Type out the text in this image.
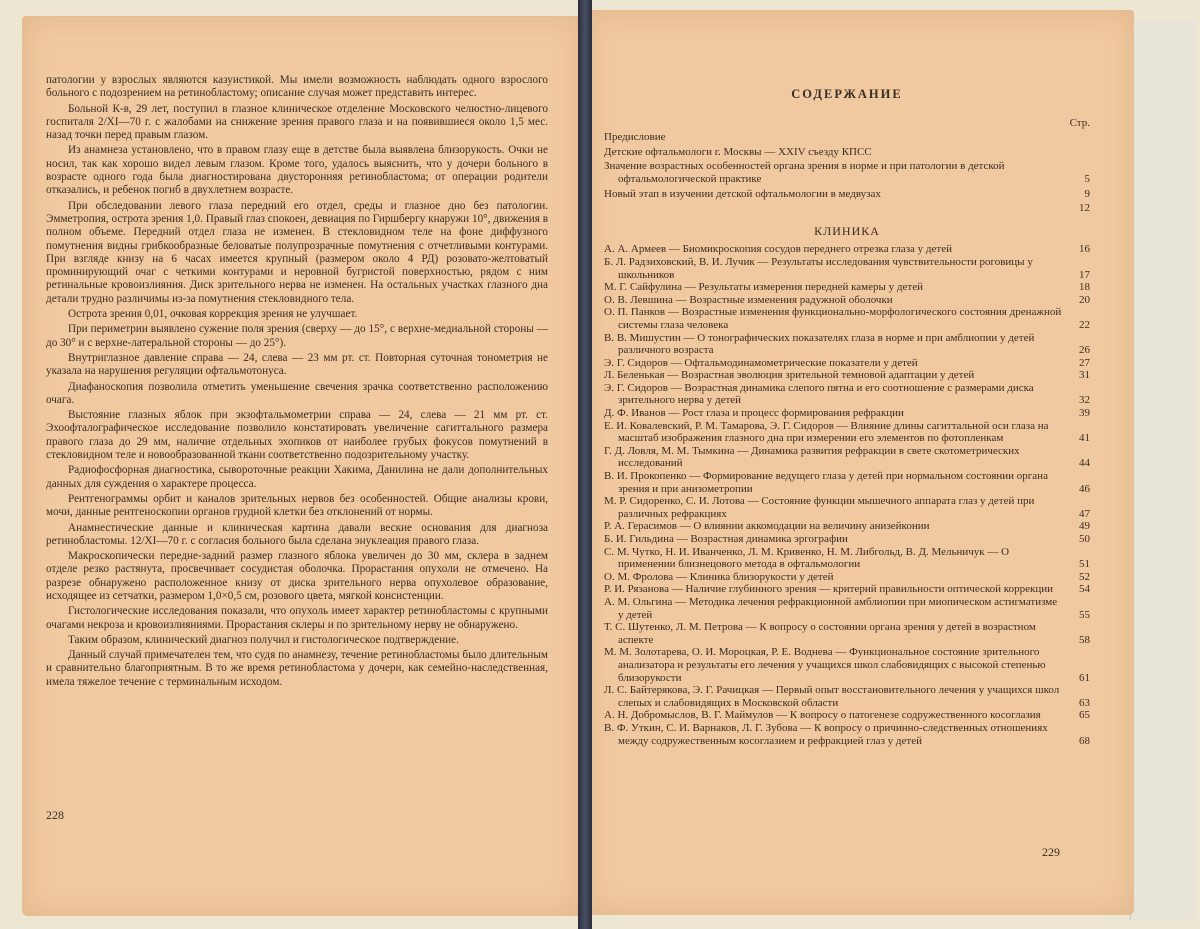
патологии у взрослых являются казуистикой. Мы имели возможность наблюдать одного взрослого больного с подозрением на ретинобластому; описание случая может представить интерес.

Больной К-в, 29 лет, поступил в глазное клиническое отделение Московского челюстно-лицевого госпиталя 2/XI—70 г. с жалобами на снижение зрения правого глаза и на появившиеся около 1,5 мес. назад точки перед правым глазом.

Из анамнеза установлено, что в правом глазу еще в детстве была выявлена близорукость. Очки не носил, так как хорошо видел левым глазом. Кроме того, удалось выяснить, что у дочери больного в возрасте одного года была диагностирована двусторонняя ретинобластома; от операции родители отказались, и ребенок погиб в двухлетнем возрасте.

При обследовании левого глаза передний его отдел, среды и глазное дно без патологии. Эмметропия, острота зрения 1,0. Правый глаз спокоен, девиация по Гиршбергу кнаружи 10°, движения в полном объеме. Передний отдел глаза не изменен. В стекловидном теле на фоне диффузного помутнения видны грибкообразные беловатые полупрозрачные помутнения с отчетливыми контурами. При взгляде книзу на 6 часах имеется крупный (размером около 4 РД) розовато-желтоватый проминирующий очаг с четкими контурами и неровной бугристой поверхностью, рядом с ним ретинальные кровоизлияния. Диск зрительного нерва не изменен. На остальных участках глазного дна детали трудно различимы из-за помутнения стекловидного тела.

Острота зрения 0,01, очковая коррекция зрения не улучшает.

При периметрии выявлено сужение поля зрения (сверху — до 15°, с верхне-медиальной стороны — до 30° и с верхне-латеральной стороны — до 25°).

Внутриглазное давление справа — 24, слева — 23 мм рт. ст. Повторная суточная тонометрия не указала на нарушения регуляции офтальмотонуса.

Диафаноскопия позволила отметить уменьшение свечения зрачка соответственно расположению очага.

Выстояние глазных яблок при экзофтальмометрии справа — 24, слева — 21 мм рт. ст. Эхоофталографическое исследование позволило констатировать увеличение сагиттального размера правого глаза до 29 мм, наличие отдельных эхопиков от наиболее грубых фокусов помутнений в стекловидном теле и новообразованной ткани соответственно подозрительному участку.

Радиофосфорная диагностика, сывороточные реакции Хакима, Данилина не дали дополнительных данных для суждения о характере процесса.

Рентгенограммы орбит и каналов зрительных нервов без особенностей. Общие анализы крови, мочи, данные рентгеноскопии органов грудной клетки без отклонений от нормы.

Анамнестические данные и клиническая картина давали веские основания для диагноза ретинобластомы. 12/XI—70 г. с согласия больного была сделана энуклеация правого глаза.

Макроскопически передне-задний размер глазного яблока увеличен до 30 мм, склера в заднем отделе резко растянута, просвечивает сосудистая оболочка. Прорастания опухоли не отмечено. На разрезе обнаружено расположенное книзу от диска зрительного нерва опухолевое образование, исходящее из сетчатки, размером 1,0×0,5 см, розового цвета, мягкой консистенции.

Гистологические исследования показали, что опухоль имеет характер ретинобластомы с крупными очагами некроза и кровоизлияниями. Прорастания склеры и по зрительному нерву не обнаружено.

Таким образом, клинический диагноз получил и гистологическое подтверждение.

Данный случай примечателен тем, что судя по анамнезу, течение ретинобластомы было длительным и сравнительно благоприятным. В то же время ретинобластома у дочери, как семейно-наследственная, имела тяжелое течение с терминальным исходом.

228
СОДЕРЖАНИЕ
Стр.
Предисловие
Детские офтальмологи г. Москвы — XXIV съезду КПСС
Значение возрастных особенностей органа зрения в норме и при патологии в детской офтальмологической практике	5
Новый этап в изучении детской офтальмологии в медвузах	9
12
КЛИНИКА
А. А. Армеев — Биомикроскопия сосудов переднего отрезка глаза у детей	16
Б. Л. Радзиховский, В. И. Лучик — Результаты исследования чувствительности роговицы у школьников	17
М. Г. Сайфулина — Результаты измерения передней камеры у детей	18
О. В. Левшина — Возрастные изменения радужной оболочки	20
О. П. Панков — Возрастные изменения функционально-морфологического состояния дренажной системы глаза человека	22
В. В. Мишустин — О тонографических показателях глаза в норме и при амблиопии у детей различного возраста	26
Э. Г. Сидоров — Офтальмодинамометрические показатели у детей	27
Л. Беленькая — Возрастная эволюция зрительной темновой адаптации у детей	31
Э. Г. Сидоров — Возрастная динамика слепого пятна и его соотношение с размерами диска зрительного нерва у детей	32
Д. Ф. Иванов — Рост глаза и процесс формирования рефракции	39
Е. И. Ковалевский, Р. М. Тамарова, Э. Г. Сидоров — Влияние длины сагиттальной оси глаза на масштаб изображения глазного дна при измерении его элементов по фотопленкам	41
Г. Д. Ловля, М. М. Тымкина — Динамика развития рефракции в свете скотометрических исследований	44
В. И. Прокопенко — Формирование ведущего глаза у детей при нормальном состоянии органа зрения и при анизометропии	46
М. Р. Сидоренко, С. И. Лотова — Состояние функции мышечного аппарата глаз у детей при различных рефракциях	47
Р. А. Герасимов — О влиянии аккомодации на величину анизейконии	49
Б. И. Гильдина — Возрастная динамика эргографии	50
С. М. Чутко, Н. И. Иванченко, Л. М. Кривенко, Н. М. Либгольд, В. Д. Мельничук — О применении близнецового метода в офтальмологии	51
О. М. Фролова — Клиника близорукости у детей	52
Р. И. Рязанова — Наличие глубинного зрения — критерий правильности оптической коррекции	54
А. М. Ольгина — Методика лечения рефракционной амблиопии при миопическом астигматизме у детей	55
Т. С. Шутенко, Л. М. Петрова — К вопросу о состоянии органа зрения у детей в возрастном аспекте	58
М. М. Золотарева, О. И. Мороцкая, Р. Е. Воднева — Функциональное состояние зрительного анализатора и результаты его лечения у учащихся школ слабовидящих с высокой степенью близорукости	61
Л. С. Байтерякова, Э. Г. Рачицкая — Первый опыт восстановительного лечения у учащихся школ слепых и слабовидящих в Московской области	63
А. Н. Добромыслов, В. Г. Маймулов — К вопросу о патогенезе содружественного косоглазия	65
В. Ф. Уткин, С. И. Варнаков, Л. Г. Зубова — К вопросу о причинно-следственных отношениях между содружественным косоглазием и рефракцией глаз у детей	68
229
